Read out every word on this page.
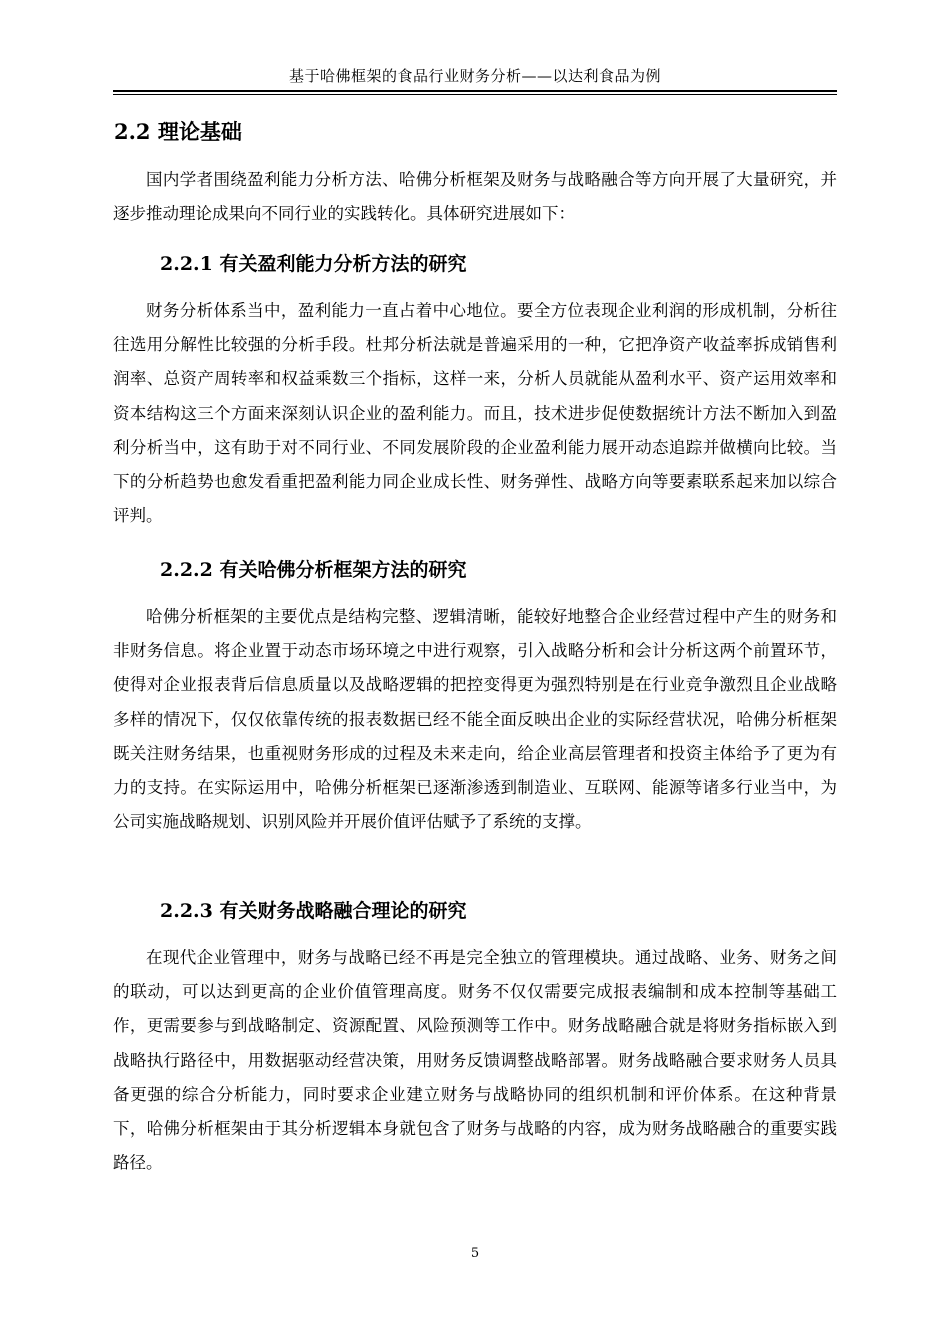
基于哈佛框架的食品行业财务分析——以达利食品为例
2.2 理论基础

国内学者围绕盈利能力分析方法、哈佛分析框架及财务与战略融合等方向开展了大量研究，并逐步推动理论成果向不同行业的实践转化。具体研究进展如下：

2.2.1 有关盈利能力分析方法的研究

财务分析体系当中，盈利能力一直占着中心地位。要全方位表现企业利润的形成机制，分析往往选用分解性比较强的分析手段。杜邦分析法就是普遍采用的一种，它把净资产收益率拆成销售利润率、总资产周转率和权益乘数三个指标，这样一来，分析人员就能从盈利水平、资产运用效率和资本结构这三个方面来深刻认识企业的盈利能力。而且，技术进步促使数据统计方法不断加入到盈利分析当中，这有助于对不同行业、不同发展阶段的企业盈利能力展开动态追踪并做横向比较。当下的分析趋势也愈发看重把盈利能力同企业成长性、财务弹性、战略方向等要素联系起来加以综合评判。

2.2.2 有关哈佛分析框架方法的研究

哈佛分析框架的主要优点是结构完整、逻辑清晰，能较好地整合企业经营过程中产生的财务和非财务信息。将企业置于动态市场环境之中进行观察，引入战略分析和会计分析这两个前置环节，使得对企业报表背后信息质量以及战略逻辑的把控变得更为强烈特别是在行业竞争激烈且企业战略多样的情况下，仅仅依靠传统的报表数据已经不能全面反映出企业的实际经营状况，哈佛分析框架既关注财务结果，也重视财务形成的过程及未来走向，给企业高层管理者和投资主体给予了更为有力的支持。在实际运用中，哈佛分析框架已逐渐渗透到制造业、互联网、能源等诸多行业当中，为公司实施战略规划、识别风险并开展价值评估赋予了系统的支撑。

2.2.3 有关财务战略融合理论的研究

在现代企业管理中，财务与战略已经不再是完全独立的管理模块。通过战略、业务、财务之间的联动，可以达到更高的企业价值管理高度。财务不仅仅需要完成报表编制和成本控制等基础工作，更需要参与到战略制定、资源配置、风险预测等工作中。财务战略融合就是将财务指标嵌入到战略执行路径中，用数据驱动经营决策，用财务反馈调整战略部署。财务战略融合要求财务人员具备更强的综合分析能力，同时要求企业建立财务与战略协同的组织机制和评价体系。在这种背景下，哈佛分析框架由于其分析逻辑本身就包含了财务与战略的内容，成为财务战略融合的重要实践路径。

5
